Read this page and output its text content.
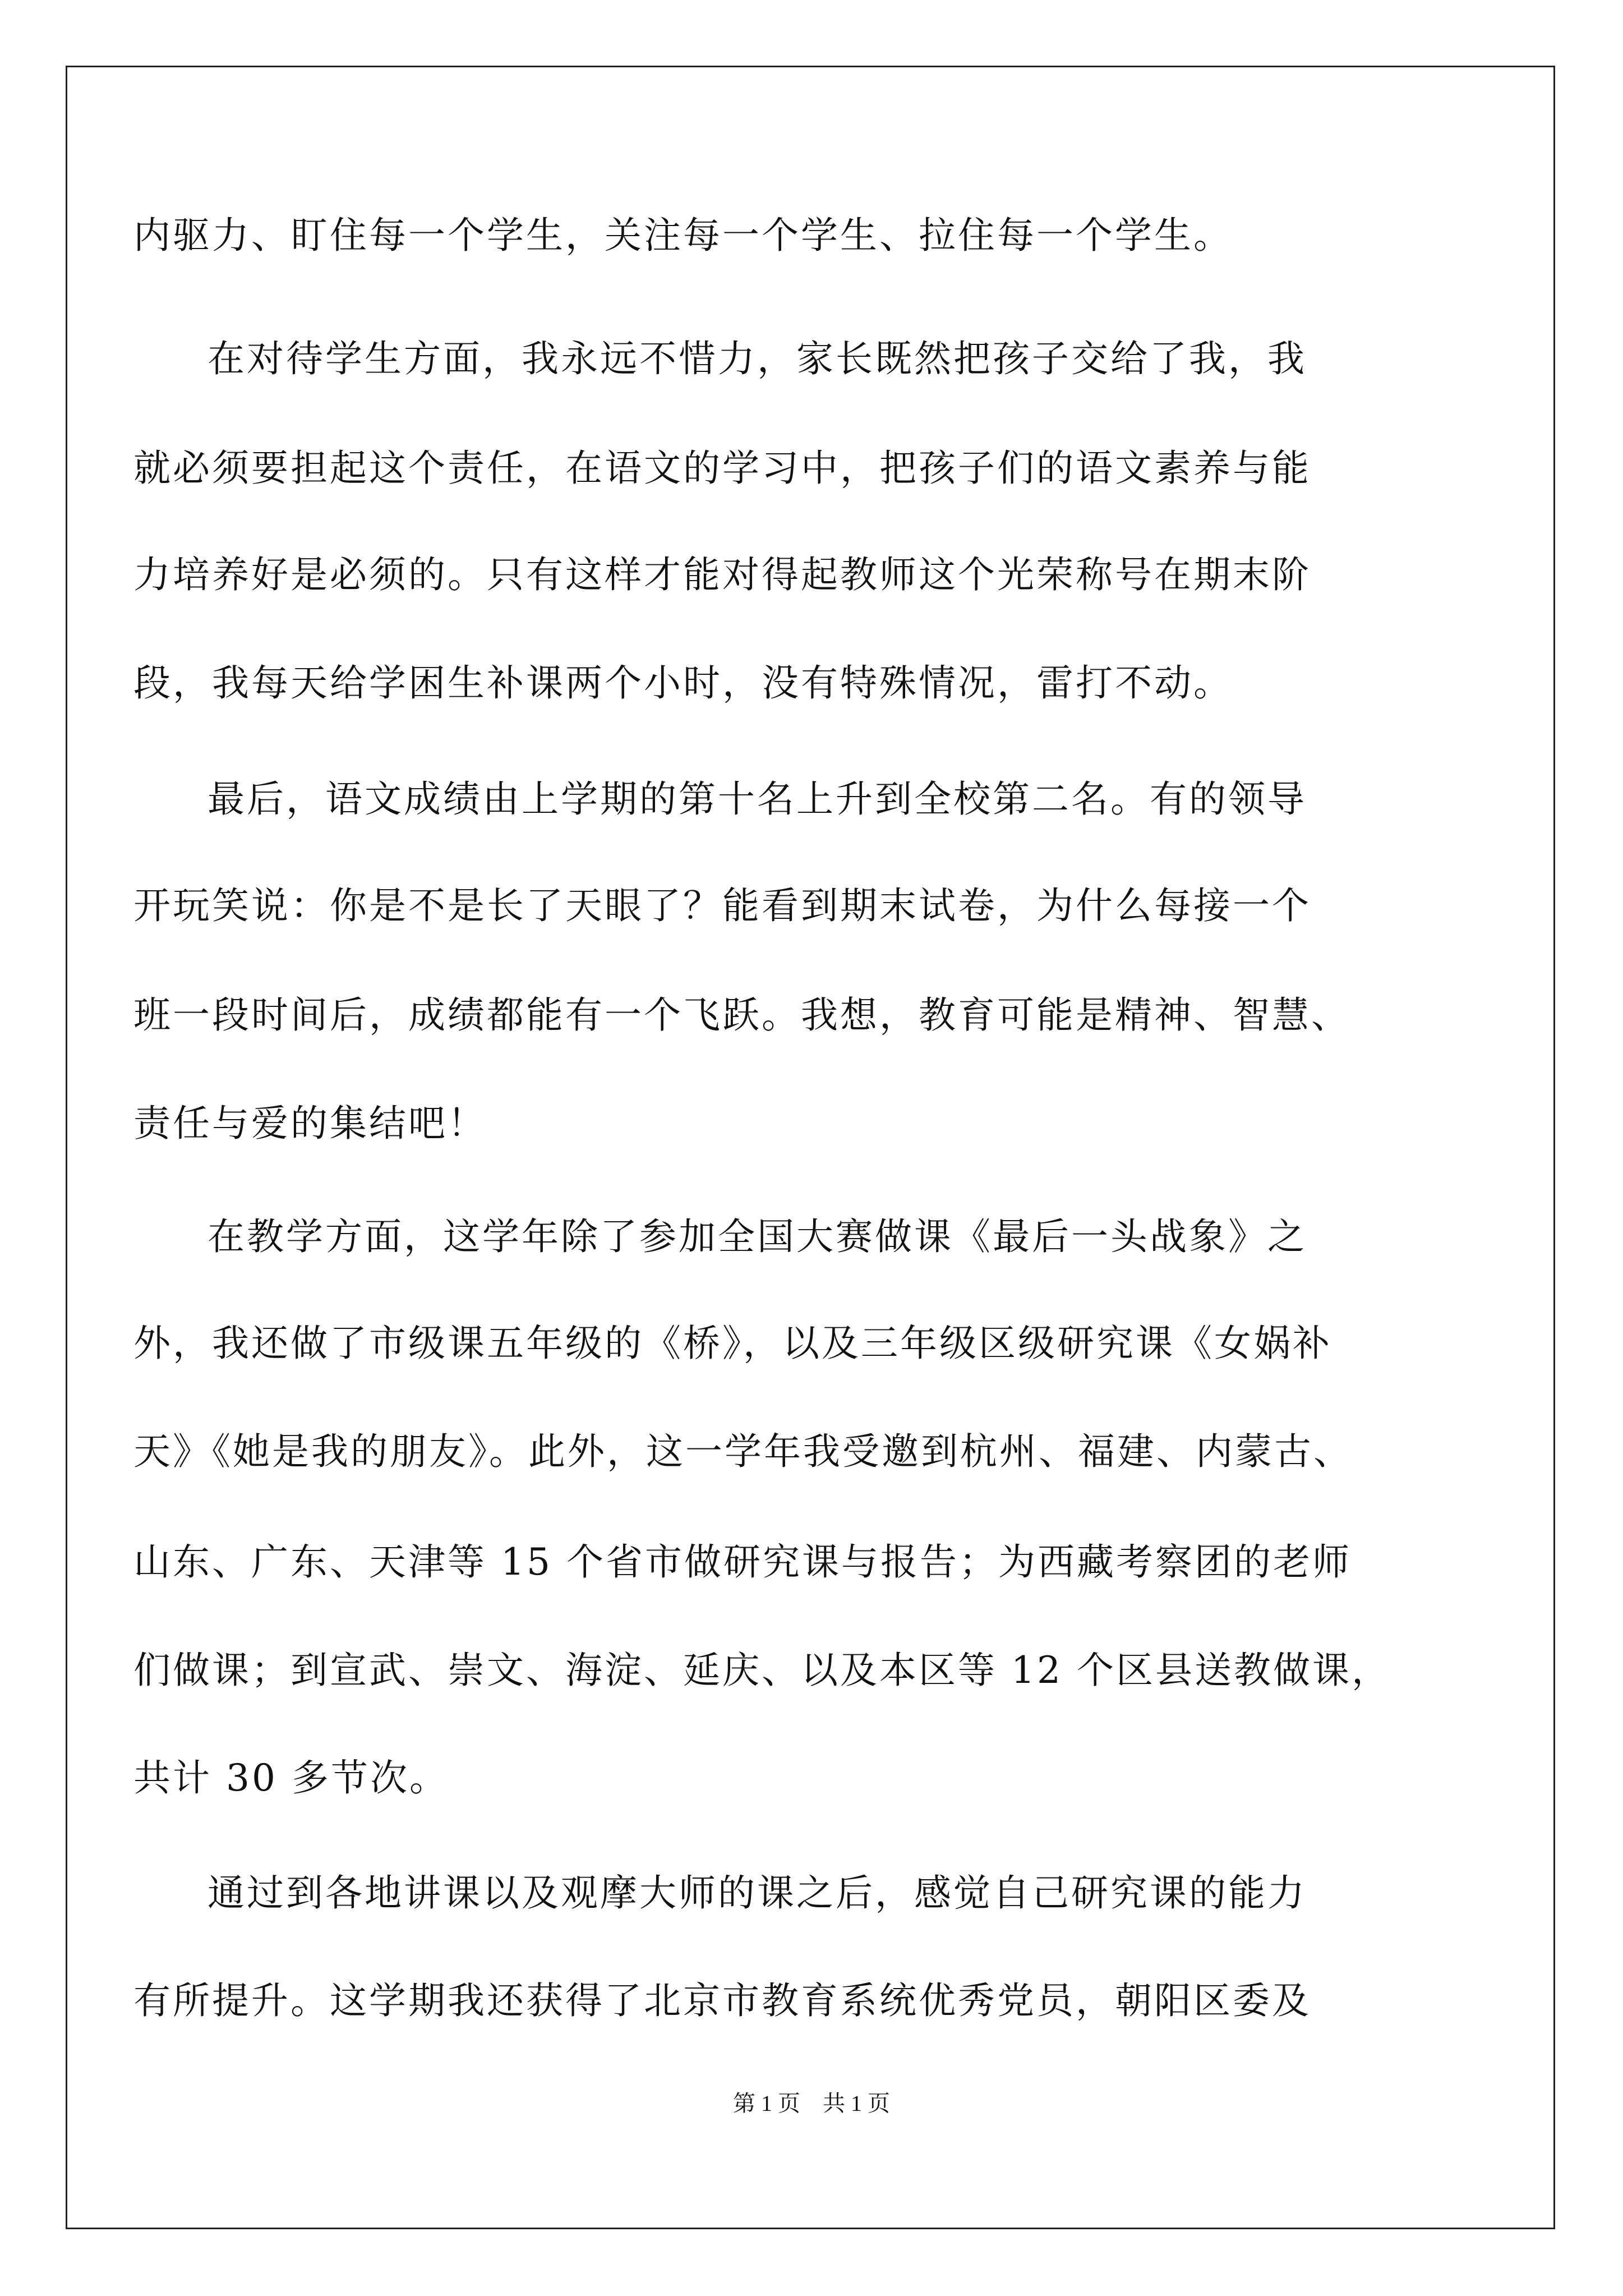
内驱力、盯住每一个学生，关注每一个学生、拉住每一个学生。
在对待学生方面，我永远不惜力，家长既然把孩子交给了我，我
就必须要担起这个责任，在语文的学习中，把孩子们的语文素养与能
力培养好是必须的。只有这样才能对得起教师这个光荣称号在期末阶
段，我每天给学困生补课两个小时，没有特殊情况，雷打不动。
最后，语文成绩由上学期的第十名上升到全校第二名。有的领导
开玩笑说：你是不是长了天眼了？能看到期末试卷，为什么每接一个
班一段时间后，成绩都能有一个飞跃。我想，教育可能是精神、智慧、
责任与爱的集结吧！
在教学方面，这学年除了参加全国大赛做课《最后一头战象》之
外，我还做了市级课五年级的《桥》，以及三年级区级研究课《女娲补
天》《她是我的朋友》。此外，这一学年我受邀到杭州、福建、内蒙古、
山东、广东、天津等 15 个省市做研究课与报告；为西藏考察团的老师
们做课；到宣武、崇文、海淀、延庆、以及本区等 12 个区县送教做课，
共计 30 多节次。
通过到各地讲课以及观摩大师的课之后，感觉自己研究课的能力
有所提升。这学期我还获得了北京市教育系统优秀党员，朝阳区委及
第 1 页　共 1 页
